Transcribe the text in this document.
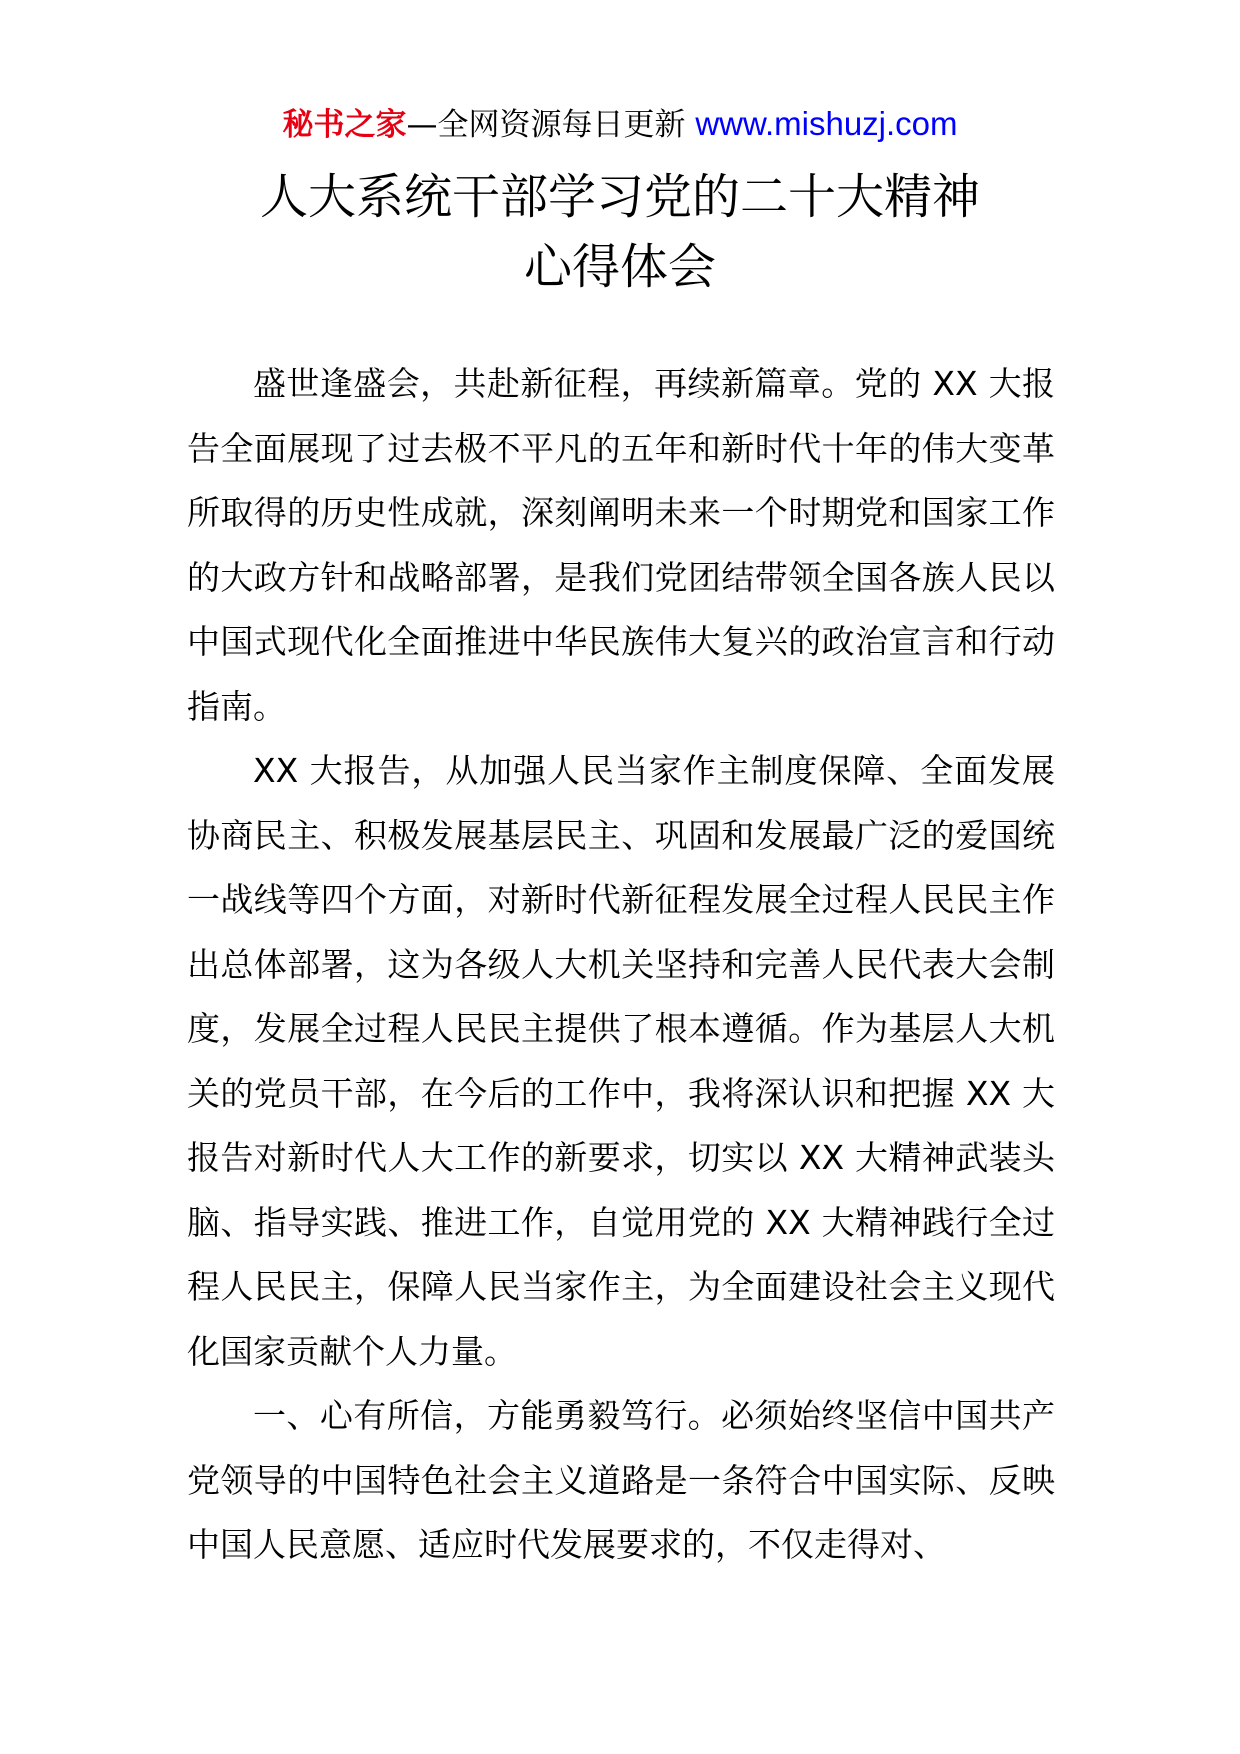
秘书之家—全网资源每日更新 www.mishuzj.com
人大系统干部学习党的二十大精神
心得体会

盛世逢盛会，共赴新征程，再续新篇章。党的 XX 大报告全面展现了过去极不平凡的五年和新时代十年的伟大变革所取得的历史性成就，深刻阐明未来一个时期党和国家工作的大政方针和战略部署，是我们党团结带领全国各族人民以中国式现代化全面推进中华民族伟大复兴的政治宣言和行动指南。

XX 大报告，从加强人民当家作主制度保障、全面发展协商民主、积极发展基层民主、巩固和发展最广泛的爱国统一战线等四个方面，对新时代新征程发展全过程人民民主作出总体部署，这为各级人大机关坚持和完善人民代表大会制度，发展全过程人民民主提供了根本遵循。作为基层人大机关的党员干部，在今后的工作中，我将深认识和把握 XX 大报告对新时代人大工作的新要求，切实以 XX 大精神武装头脑、指导实践、推进工作，自觉用党的 XX 大精神践行全过程人民民主，保障人民当家作主，为全面建设社会主义现代化国家贡献个人力量。

一、心有所信，方能勇毅笃行。必须始终坚信中国共产党领导的中国特色社会主义道路是一条符合中国实际、反映中国人民意愿、适应时代发展要求的，不仅走得对、
